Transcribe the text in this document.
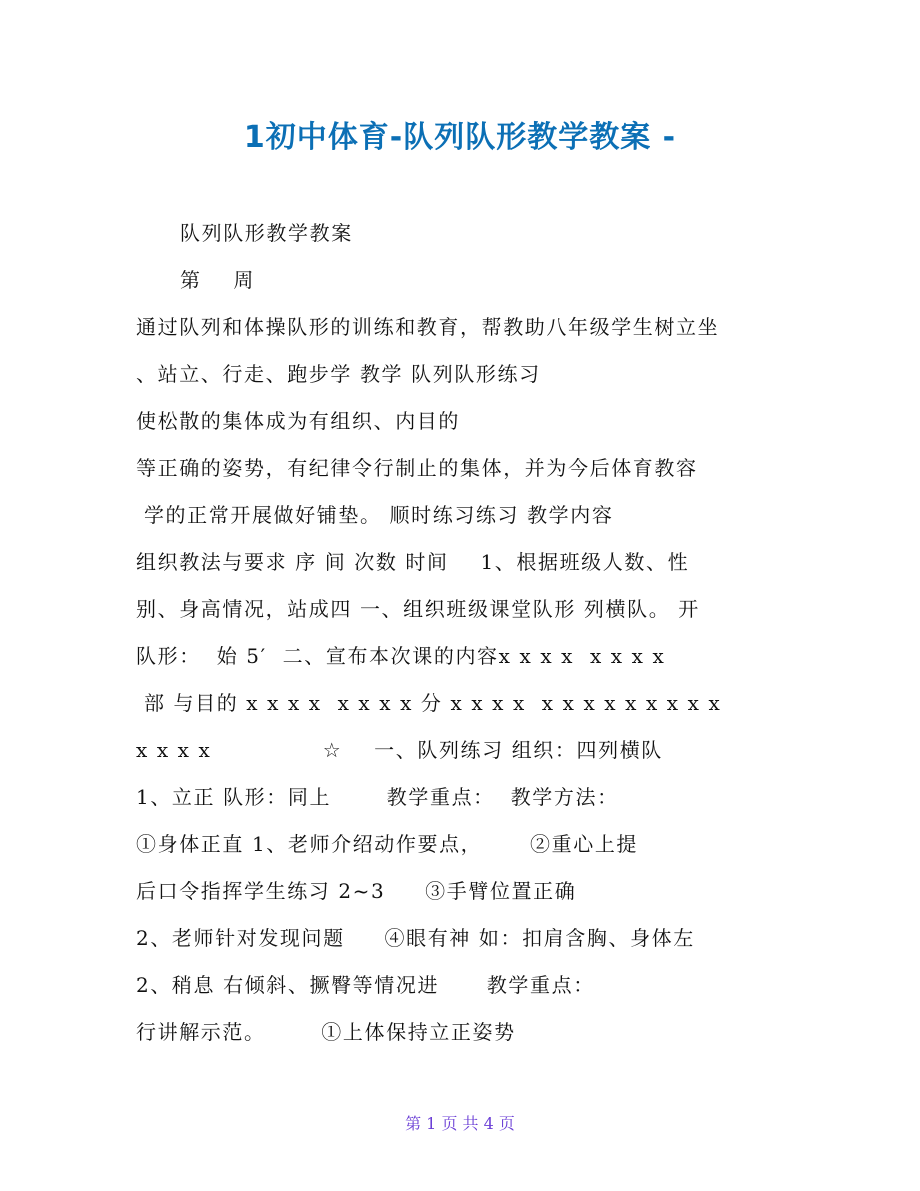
1初中体育-队列队形教学教案 -
队列队形教学教案
第    周
通过队列和体操队形的训练和教育，帮教助八年级学生树立坐
、站立、行走、跑步学 教学 队列队形练习
使松散的集体成为有组织、内目的
等正确的姿势，有纪律令行制止的集体，并为今后体育教容
学的正常开展做好铺垫。 顺时练习练习 教学内容
组织教法与要求 序 间 次数 时间    1、根据班级人数、性
别、身高情况，站成四 一、组织班级课堂队形 列横队。 开
队形：  始 5′  二、宣布本次课的内容x x x x  x x x x
部 与目的 x x x x  x x x x 分 x x x x  x x x x x x x x x
x x x x              ☆    一、队列练习 组织：四列横队
1、立正 队形：同上       教学重点：  教学方法：
①身体正直 1、老师介绍动作要点，      ②重心上提
后口令指挥学生练习 2~3     ③手臂位置正确
2、老师针对发现问题     ④眼有神 如：扣肩含胸、身体左
2、稍息 右倾斜、撅臀等情况进      教学重点：
行讲解示范。       ①上体保持立正姿势
第 1 页 共 4 页
